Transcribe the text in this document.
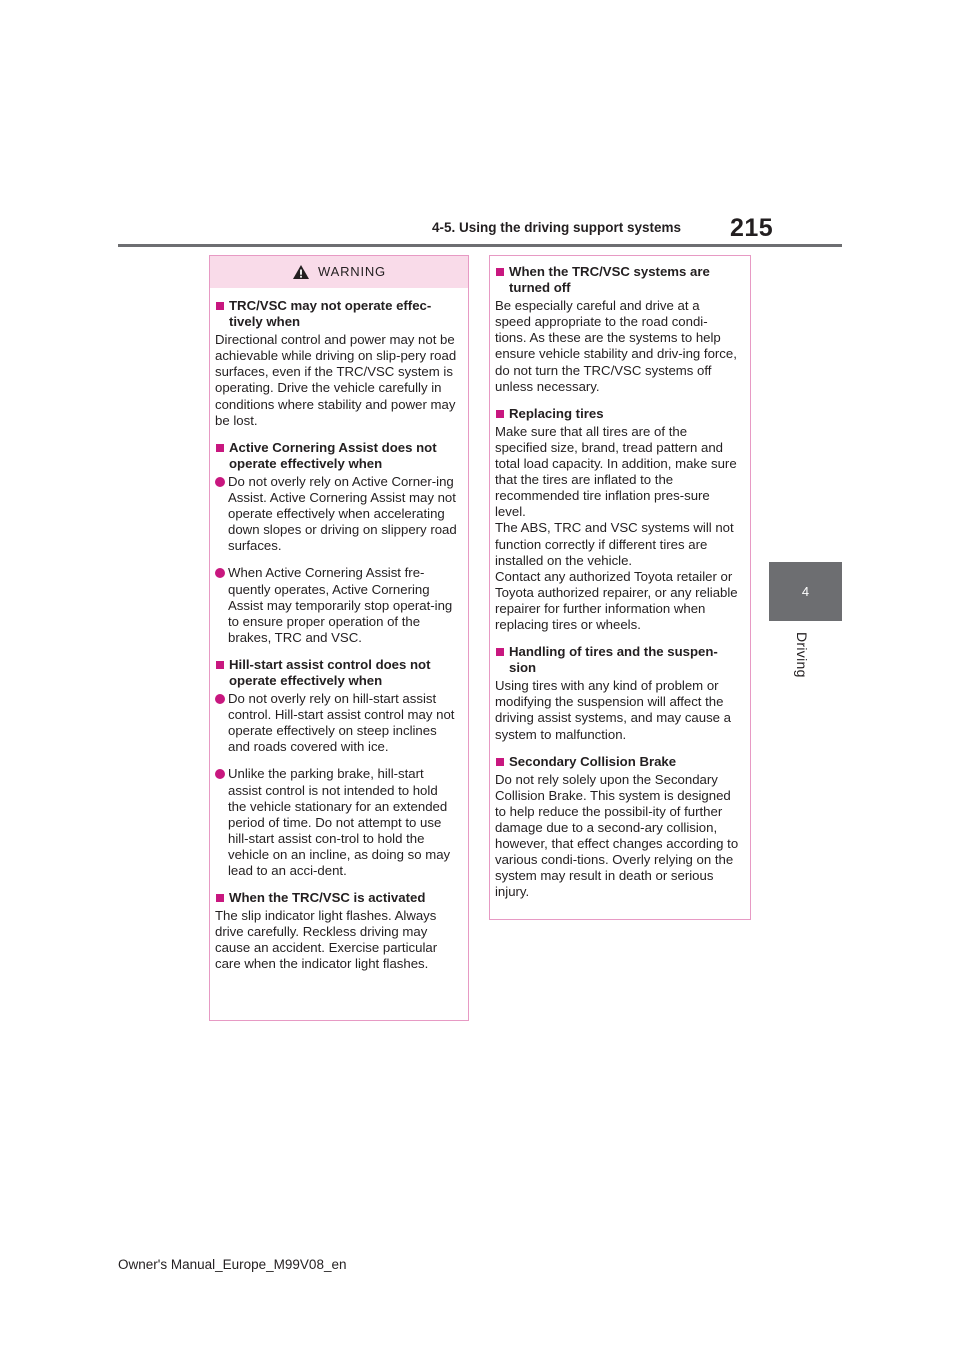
4-5. Using the driving support systems 215
4
Driving
WARNING
TRC/VSC may not operate effec-tively when
Directional control and power may not be achievable while driving on slip-pery road surfaces, even if the TRC/VSC system is operating. Drive the vehicle carefully in conditions where stability and power may be lost.
Active Cornering Assist does not operate effectively when
Do not overly rely on Active Corner-ing Assist. Active Cornering Assist may not operate effectively when accelerating down slopes or driving on slippery road surfaces.
When Active Cornering Assist fre-quently operates, Active Cornering Assist may temporarily stop operat-ing to ensure proper operation of the brakes, TRC and VSC.
Hill-start assist control does not operate effectively when
Do not overly rely on hill-start assist control. Hill-start assist control may not operate effectively on steep inclines and roads covered with ice.
Unlike the parking brake, hill-start assist control is not intended to hold the vehicle stationary for an extended period of time. Do not attempt to use hill-start assist con-trol to hold the vehicle on an incline, as doing so may lead to an acci-dent.
When the TRC/VSC is activated
The slip indicator light flashes. Always drive carefully. Reckless driving may cause an accident. Exercise particular care when the indicator light flashes.
When the TRC/VSC systems are turned off
Be especially careful and drive at a speed appropriate to the road condi-tions. As these are the systems to help ensure vehicle stability and driv-ing force, do not turn the TRC/VSC systems off unless necessary.
Replacing tires
Make sure that all tires are of the specified size, brand, tread pattern and total load capacity. In addition, make sure that the tires are inflated to the recommended tire inflation pres-sure level.
The ABS, TRC and VSC systems will not function correctly if different tires are installed on the vehicle.
Contact any authorized Toyota retailer or Toyota authorized repairer, or any reliable repairer for further information when replacing tires or wheels.
Handling of tires and the suspen-sion
Using tires with any kind of problem or modifying the suspension will affect the driving assist systems, and may cause a system to malfunction.
Secondary Collision Brake
Do not rely solely upon the Secondary Collision Brake. This system is designed to help reduce the possibil-ity of further damage due to a second-ary collision, however, that effect changes according to various condi-tions. Overly relying on the system may result in death or serious injury.
Owner's Manual_Europe_M99V08_en
